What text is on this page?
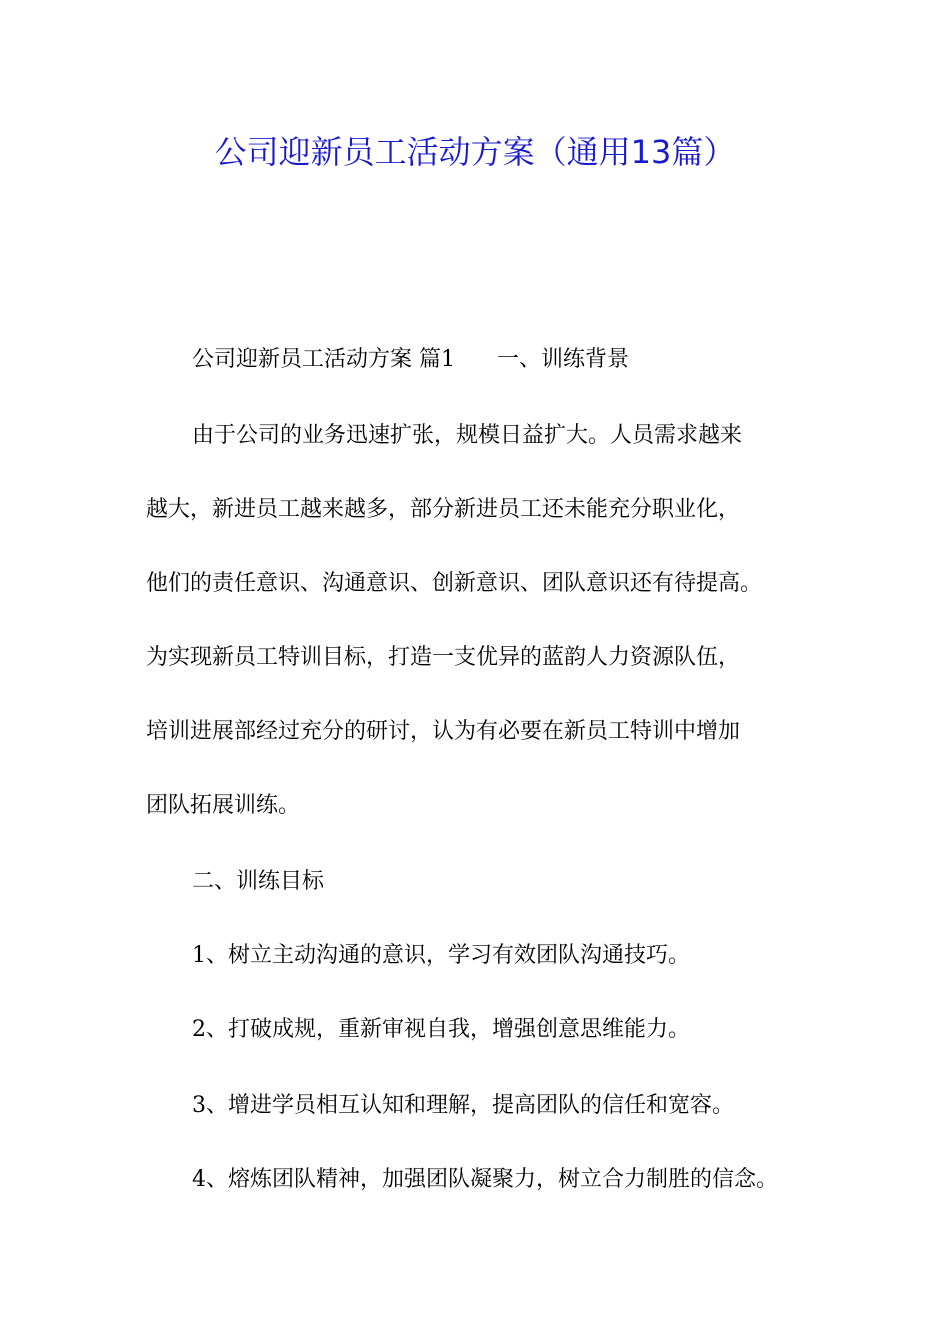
公司迎新员工活动方案（通用13篇）
公司迎新员工活动方案 篇1 一、训练背景
由于公司的业务迅速扩张，规模日益扩大。人员需求越来
越大，新进员工越来越多，部分新进员工还未能充分职业化，
他们的责任意识、沟通意识、创新意识、团队意识还有待提高。
为实现新员工特训目标，打造一支优异的蓝韵人力资源队伍，
培训进展部经过充分的研讨，认为有必要在新员工特训中增加
团队拓展训练。
二、训练目标
1、树立主动沟通的意识，学习有效团队沟通技巧。
2、打破成规，重新审视自我，增强创意思维能力。
3、增进学员相互认知和理解，提高团队的信任和宽容。
4、熔炼团队精神，加强团队凝聚力，树立合力制胜的信念。
